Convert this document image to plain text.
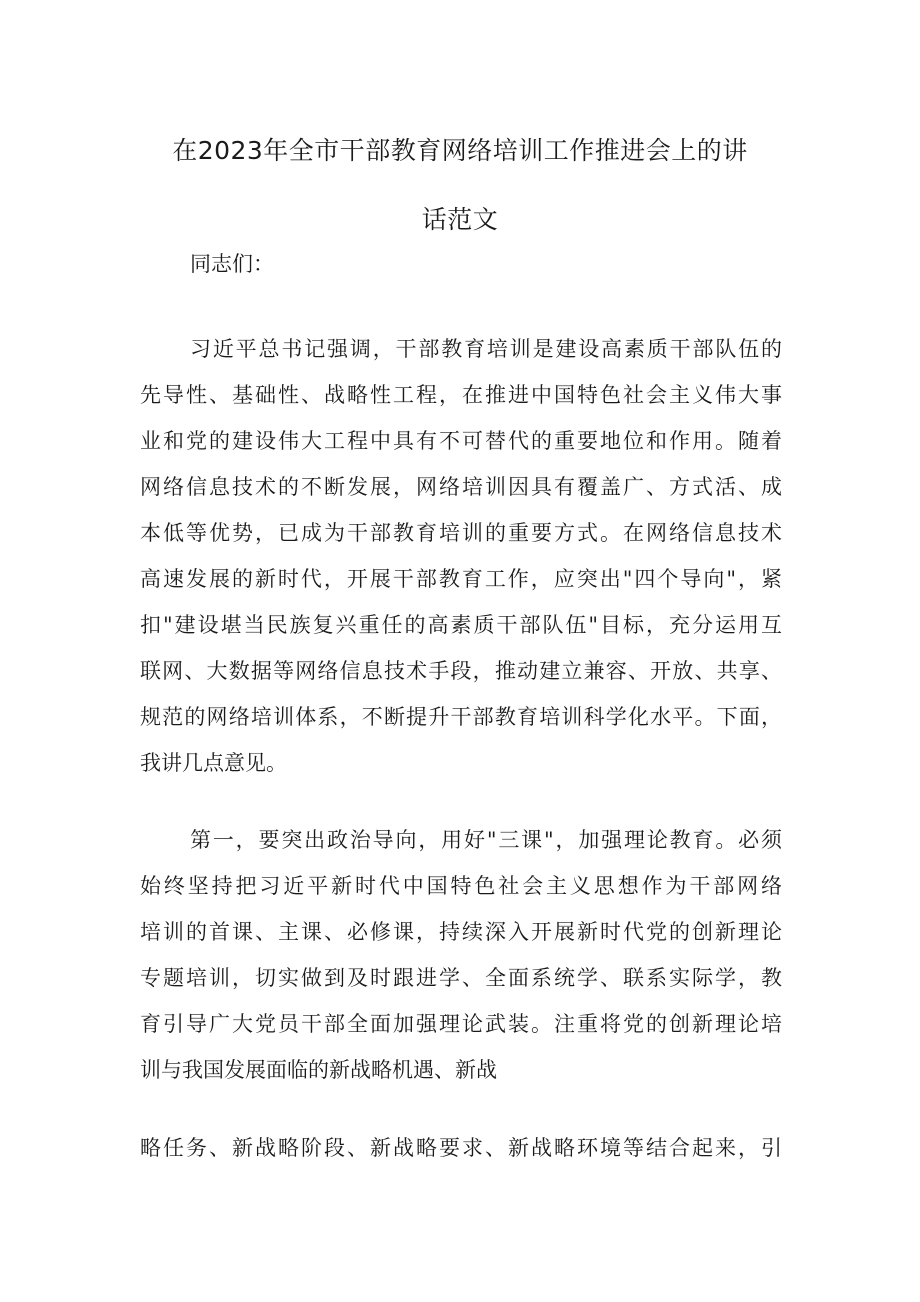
在2023年全市干部教育网络培训工作推进会上的讲
话范文
同志们：
习近平总书记强调，干部教育培训是建设高素质干部队伍的
先导性、基础性、战略性工程，在推进中国特色社会主义伟大事
业和党的建设伟大工程中具有不可替代的重要地位和作用。随着
网络信息技术的不断发展，网络培训因具有覆盖广、方式活、成
本低等优势，已成为干部教育培训的重要方式。在网络信息技术
高速发展的新时代，开展干部教育工作，应突出"四个导向"，紧
扣"建设堪当民族复兴重任的高素质干部队伍"目标，充分运用互
联网、大数据等网络信息技术手段，推动建立兼容、开放、共享、
规范的网络培训体系，不断提升干部教育培训科学化水平。下面，
我讲几点意见。
第一，要突出政治导向，用好"三课"，加强理论教育。必须
始终坚持把习近平新时代中国特色社会主义思想作为干部网络
培训的首课、主课、必修课，持续深入开展新时代党的创新理论
专题培训，切实做到及时跟进学、全面系统学、联系实际学，教
育引导广大党员干部全面加强理论武装。注重将党的创新理论培
训与我国发展面临的新战略机遇、新战
略任务、新战略阶段、新战略要求、新战略环境等结合起来，引
